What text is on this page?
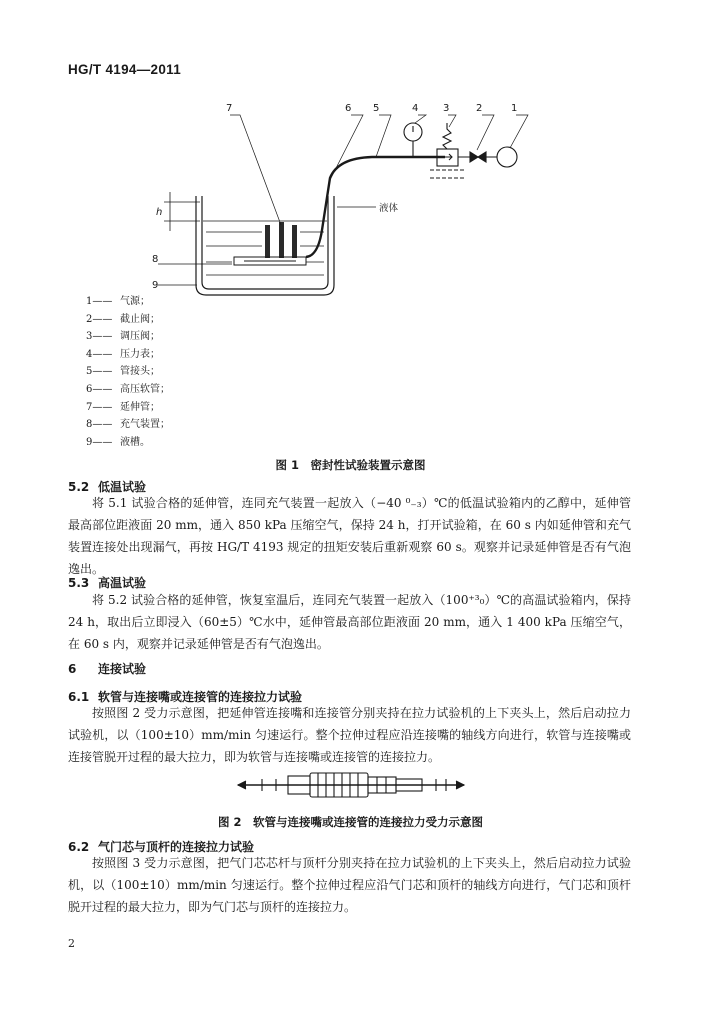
HG/T 4194—2011
7	6 5	4 3	2	1
8
9
h	液体
1—— 气源；
2—— 截止阀；
3—— 调压阀；
4—— 压力表；
5—— 管接头；
6—— 高压软管；
7—— 延伸管；
8—— 充气装置；
9—— 液槽。
图 1　密封性试验装置示意图
5.2 低温试验
将 5.1 试验合格的延伸管，连同充气装置一起放入（−40 ⁰₋₃）℃的低温试验箱内的乙醇中，延伸管最高部位距液面 20 mm，通入 850 kPa 压缩空气，保持 24 h，打开试验箱，在 60 s 内如延伸管和充气装置连接处出现漏气，再按 HG/T 4193 规定的扭矩安装后重新观察 60 s。观察并记录延伸管是否有气泡逸出。
5.3 高温试验
将 5.2 试验合格的延伸管，恢复室温后，连同充气装置一起放入（100⁺³₀）℃的高温试验箱内，保持 24 h，取出后立即浸入（60±5）℃水中，延伸管最高部位距液面 20 mm，通入 1 400 kPa 压缩空气，在 60 s 内，观察并记录延伸管是否有气泡逸出。
6 连接试验
6.1 软管与连接嘴或连接管的连接拉力试验
按照图 2 受力示意图，把延伸管连接嘴和连接管分别夹持在拉力试验机的上下夹头上，然后启动拉力试验机，以（100±10）mm/min 匀速运行。整个拉伸过程应沿连接嘴的轴线方向进行，软管与连接嘴或连接管脱开过程的最大拉力，即为软管与连接嘴或连接管的连接拉力。
图 2　软管与连接嘴或连接管的连接拉力受力示意图
6.2 气门芯与顶杆的连接拉力试验
按照图 3 受力示意图，把气门芯芯杆与顶杆分别夹持在拉力试验机的上下夹头上，然后启动拉力试验机，以（100±10）mm/min 匀速运行。整个拉伸过程应沿气门芯和顶杆的轴线方向进行，气门芯和顶杆脱开过程的最大拉力，即为气门芯与顶杆的连接拉力。
2
